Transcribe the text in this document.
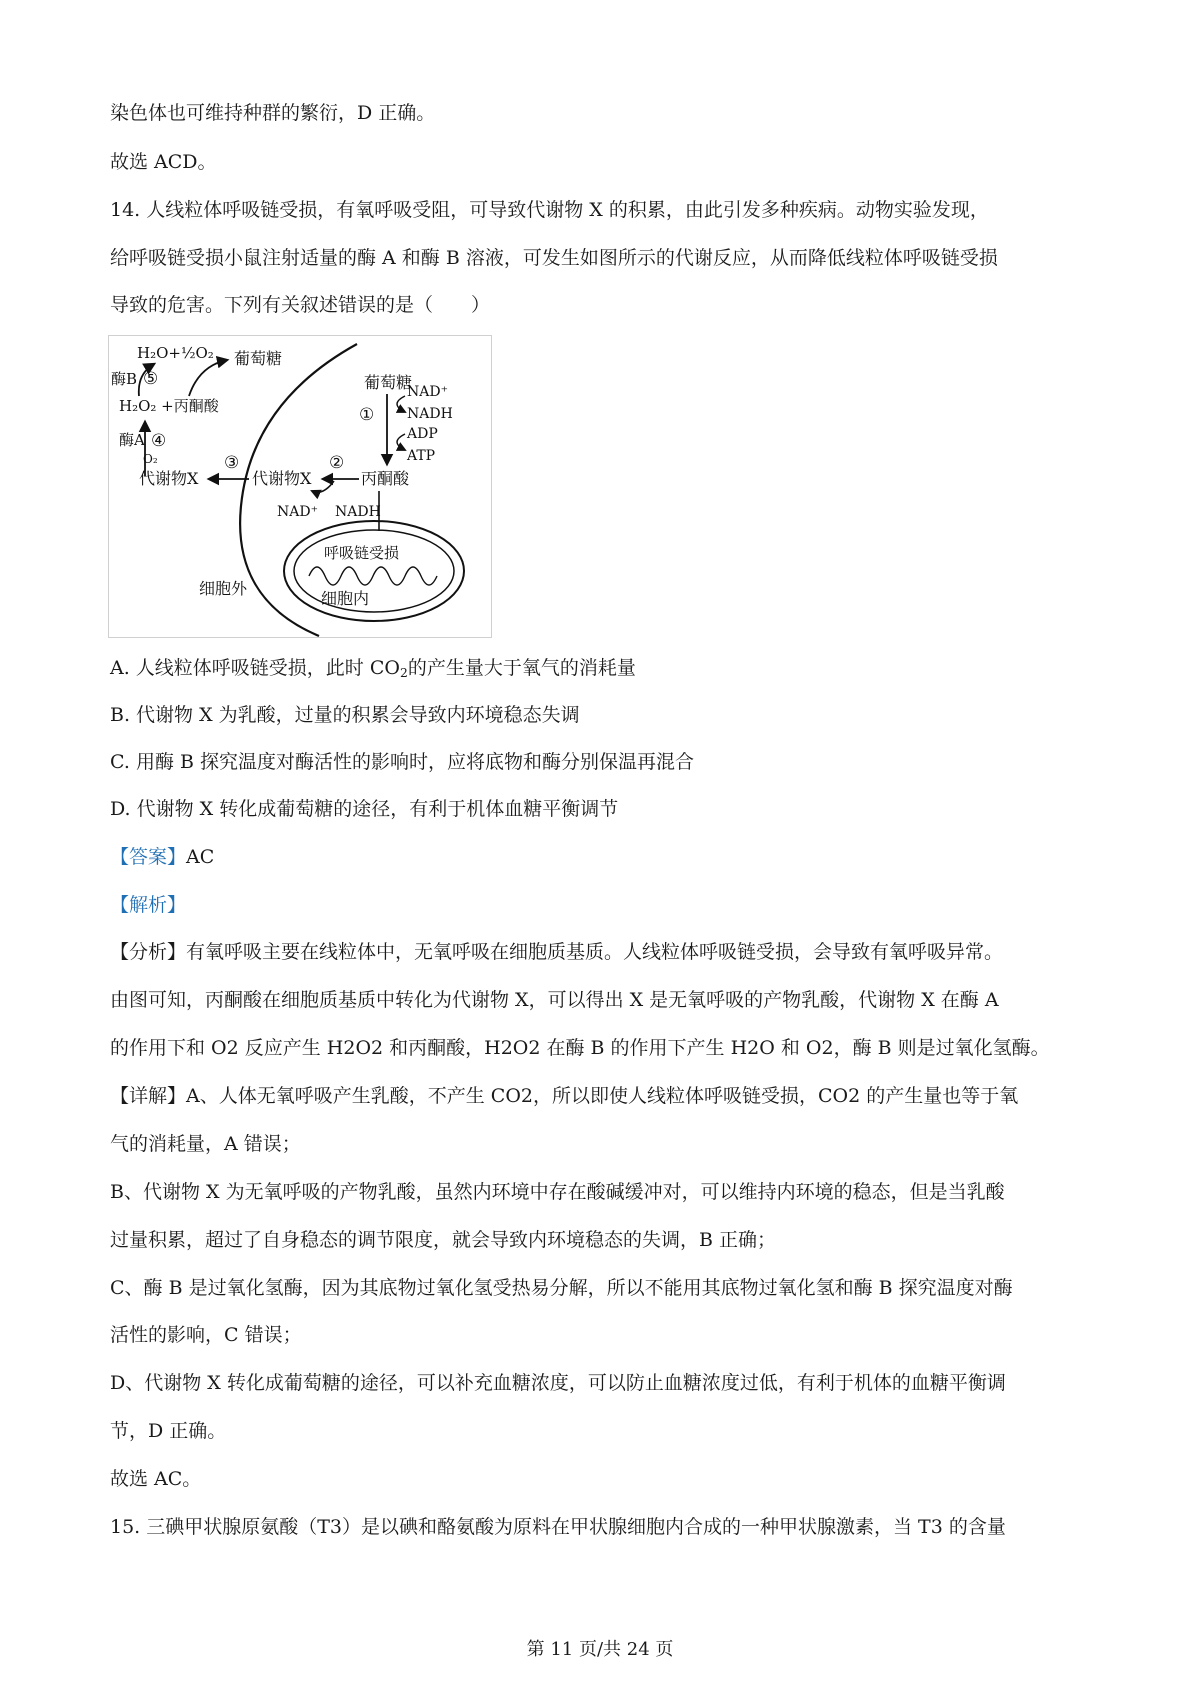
染色体也可维持种群的繁衍，D 正确。
故选 ACD。
14. 人线粒体呼吸链受损，有氧呼吸受阻，可导致代谢物 X 的积累，由此引发多种疾病。动物实验发现，
给呼吸链受损小鼠注射适量的酶 A 和酶 B 溶液，可发生如图所示的代谢反应，从而降低线粒体呼吸链受损
导致的危害。下列有关叙述错误的是（　　）
H₂O+½O₂ 葡萄糖
酶B ⑤
H₂O₂ +丙酮酸
酶A ④
O₂
代谢物X
③
代谢物X
②
NAD⁺ NADH
丙酮酸
葡萄糖
①
NAD⁺
NADH
ADP
ATP
呼吸链受损
细胞外
细胞内
A. 人线粒体呼吸链受损，此时 $CO_2$的产生量大于氧气的消耗量
B. 代谢物 X 为乳酸，过量的积累会导致内环境稳态失调
C. 用酶 B 探究温度对酶活性的影响时，应将底物和酶分别保温再混合
D. 代谢物 X 转化成葡萄糖的途径，有利于机体血糖平衡调节
【答案】AC
【解析】
【分析】有氧呼吸主要在线粒体中，无氧呼吸在细胞质基质。人线粒体呼吸链受损，会导致有氧呼吸异常。
由图可知，丙酮酸在细胞质基质中转化为代谢物 X，可以得出 X 是无氧呼吸的产物乳酸，代谢物 X 在酶 A
的作用下和 O2 反应产生 H2O2 和丙酮酸，H2O2 在酶 B 的作用下产生 H2O 和 O2，酶 B 则是过氧化氢酶。
【详解】A、人体无氧呼吸产生乳酸，不产生 CO2，所以即使人线粒体呼吸链受损，CO2 的产生量也等于氧
气的消耗量，A 错误；
B、代谢物 X 为无氧呼吸的产物乳酸，虽然内环境中存在酸碱缓冲对，可以维持内环境的稳态，但是当乳酸
过量积累，超过了自身稳态的调节限度，就会导致内环境稳态的失调，B 正确；
C、酶 B 是过氧化氢酶，因为其底物过氧化氢受热易分解，所以不能用其底物过氧化氢和酶 B 探究温度对酶
活性的影响，C 错误；
D、代谢物 X 转化成葡萄糖的途径，可以补充血糖浓度，可以防止血糖浓度过低，有利于机体的血糖平衡调
节，D 正确。
故选 AC。
15. 三碘甲状腺原氨酸（T3）是以碘和酪氨酸为原料在甲状腺细胞内合成的一种甲状腺激素，当 T3 的含量
第 11 页/共 24 页
